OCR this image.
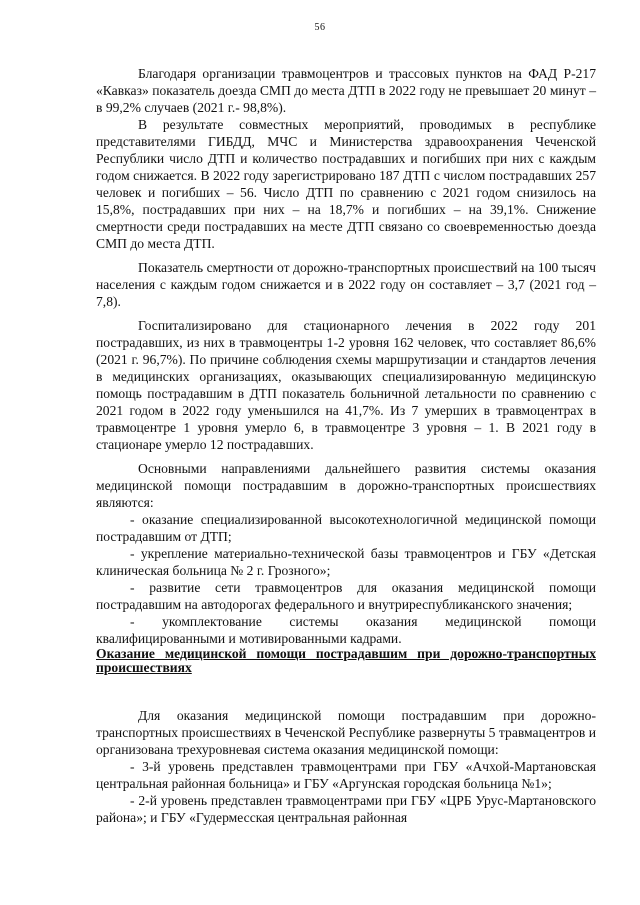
56

Благодаря организации травмоцентров и трассовых пунктов на ФАД Р-217 «Кавказ» показатель доезда СМП до места ДТП в 2022 году не превышает 20 минут – в 99,2% случаев (2021 г.- 98,8%).

В результате совместных мероприятий, проводимых в республике представителями ГИБДД, МЧС и Министерства здравоохранения Чеченской Республики число ДТП и количество пострадавших и погибших при них с каждым годом снижается. В 2022 году зарегистрировано 187 ДТП с числом пострадавших 257 человек и погибших – 56. Число ДТП по сравнению с 2021 годом снизилось на 15,8%, пострадавших при них – на 18,7% и погибших – на 39,1%. Снижение смертности среди пострадавших на месте ДТП связано со своевременностью доезда СМП до места ДТП.

Показатель смертности от дорожно-транспортных происшествий на 100 тысяч населения с каждым годом снижается и в 2022 году он составляет – 3,7 (2021 год – 7,8).

Госпитализировано для стационарного лечения в 2022 году 201 пострадавших, из них в травмоцентры 1-2 уровня 162 человек, что составляет 86,6% (2021 г. 96,7%). По причине соблюдения схемы маршрутизации и стандартов лечения в медицинских организациях, оказывающих специализированную медицинскую помощь пострадавшим в ДТП показатель больничной летальности по сравнению с 2021 годом в 2022 году уменьшился на 41,7%. Из 7 умерших в травмоцентрах в травмоцентре 1 уровня умерло 6, в травмоцентре 3 уровня – 1. В 2021 году в стационаре умерло 12 пострадавших.

Основными направлениями дальнейшего развития системы оказания медицинской помощи пострадавшим в дорожно-транспортных происшествиях являются:

- оказание специализированной высокотехнологичной медицинской помощи пострадавшим от ДТП;

- укрепление материально-технической базы травмоцентров и ГБУ «Детская клиническая больница № 2 г. Грозного»;

- развитие сети травмоцентров для оказания медицинской помощи пострадавшим на автодорогах федерального и внутриреспубликанского значения;

- укомплектование системы оказания медицинской помощи квалифицированными и мотивированными кадрами.

Оказание медицинской помощи пострадавшим при дорожно-транспортных происшествиях

Для оказания медицинской помощи пострадавшим при дорожно-транспортных происшествиях в Чеченской Республике развернуты 5 травмацентров и организована трехуровневая система оказания медицинской помощи:

- 3-й уровень представлен травмоцентрами при ГБУ «Ачхой-Мартановская центральная районная больница» и ГБУ «Аргунская городская больница №1»;

- 2-й уровень представлен травмоцентрами при ГБУ «ЦРБ Урус-Мартановского района»; и ГБУ «Гудермесская центральная районная
